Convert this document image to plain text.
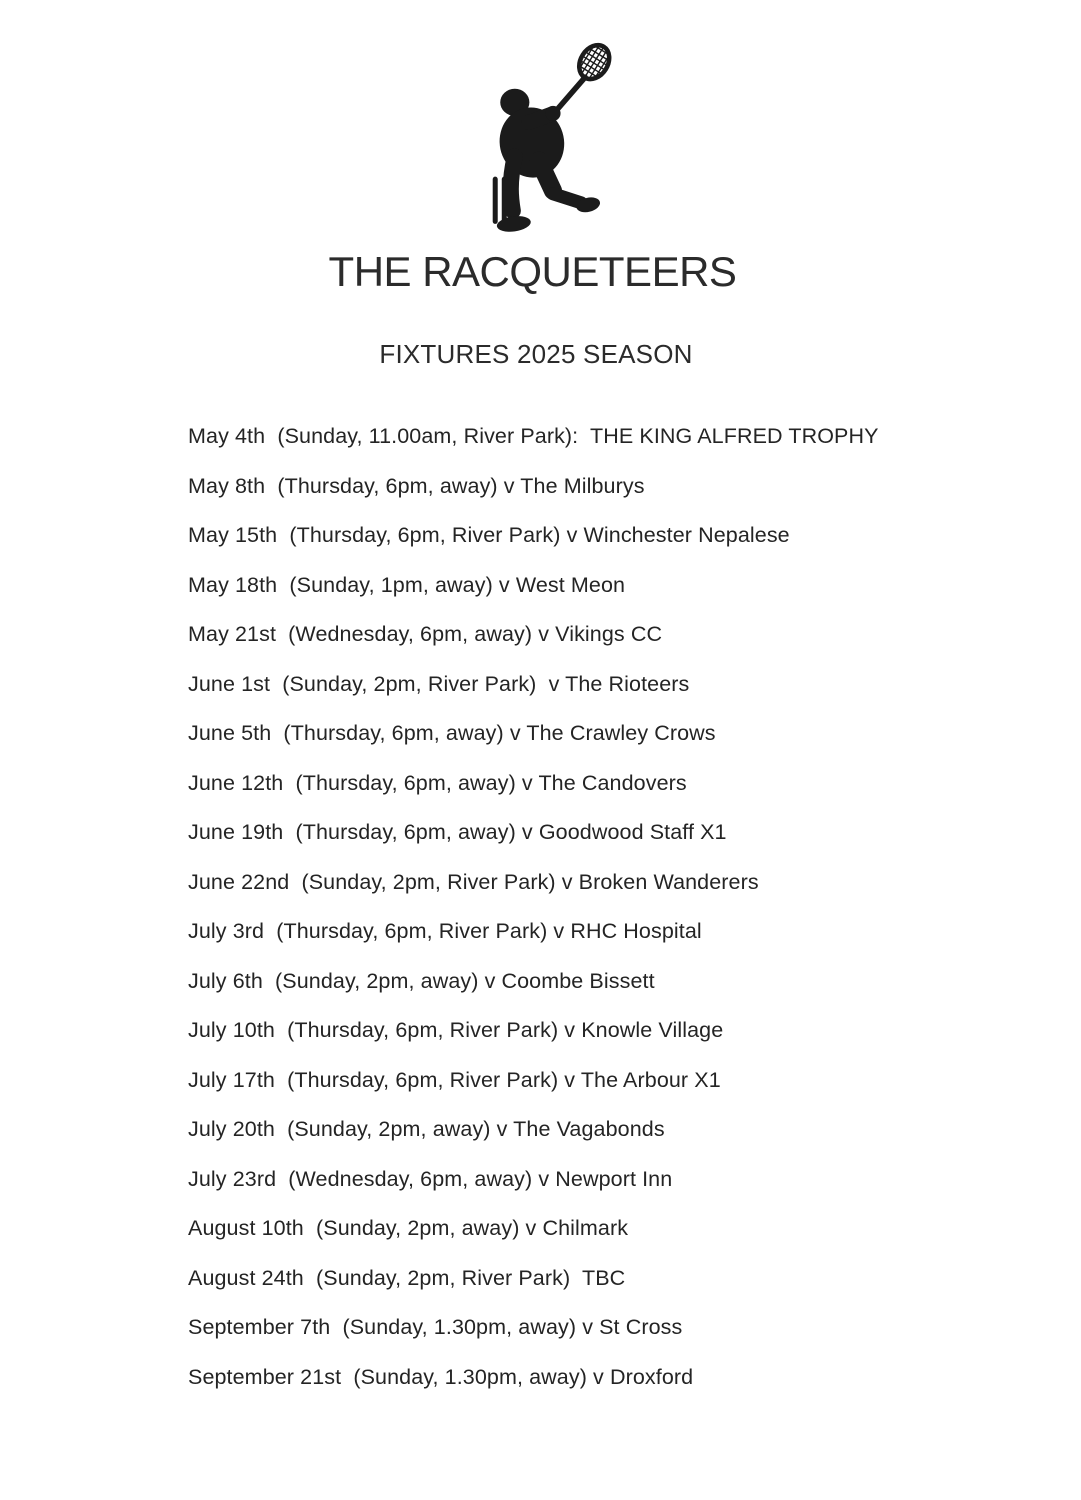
THE RACQUETEERS
FIXTURES 2025 SEASON
May 4th  (Sunday, 11.00am, River Park):  THE KING ALFRED TROPHY
May 8th  (Thursday, 6pm, away) v The Milburys
May 15th  (Thursday, 6pm, River Park) v Winchester Nepalese
May 18th  (Sunday, 1pm, away) v West Meon
May 21st  (Wednesday, 6pm, away) v Vikings CC
June 1st  (Sunday, 2pm, River Park)  v The Rioteers
June 5th  (Thursday, 6pm, away) v The Crawley Crows
June 12th  (Thursday, 6pm, away) v The Candovers
June 19th  (Thursday, 6pm, away) v Goodwood Staff X1
June 22nd  (Sunday, 2pm, River Park) v Broken Wanderers
July 3rd  (Thursday, 6pm, River Park) v RHC Hospital
July 6th  (Sunday, 2pm, away) v Coombe Bissett
July 10th  (Thursday, 6pm, River Park) v Knowle Village
July 17th  (Thursday, 6pm, River Park) v The Arbour X1
July 20th  (Sunday, 2pm, away) v The Vagabonds
July 23rd  (Wednesday, 6pm, away) v Newport Inn
August 10th  (Sunday, 2pm, away) v Chilmark
August 24th  (Sunday, 2pm, River Park)  TBC
September 7th  (Sunday, 1.30pm, away) v St Cross
September 21st  (Sunday, 1.30pm, away) v Droxford
